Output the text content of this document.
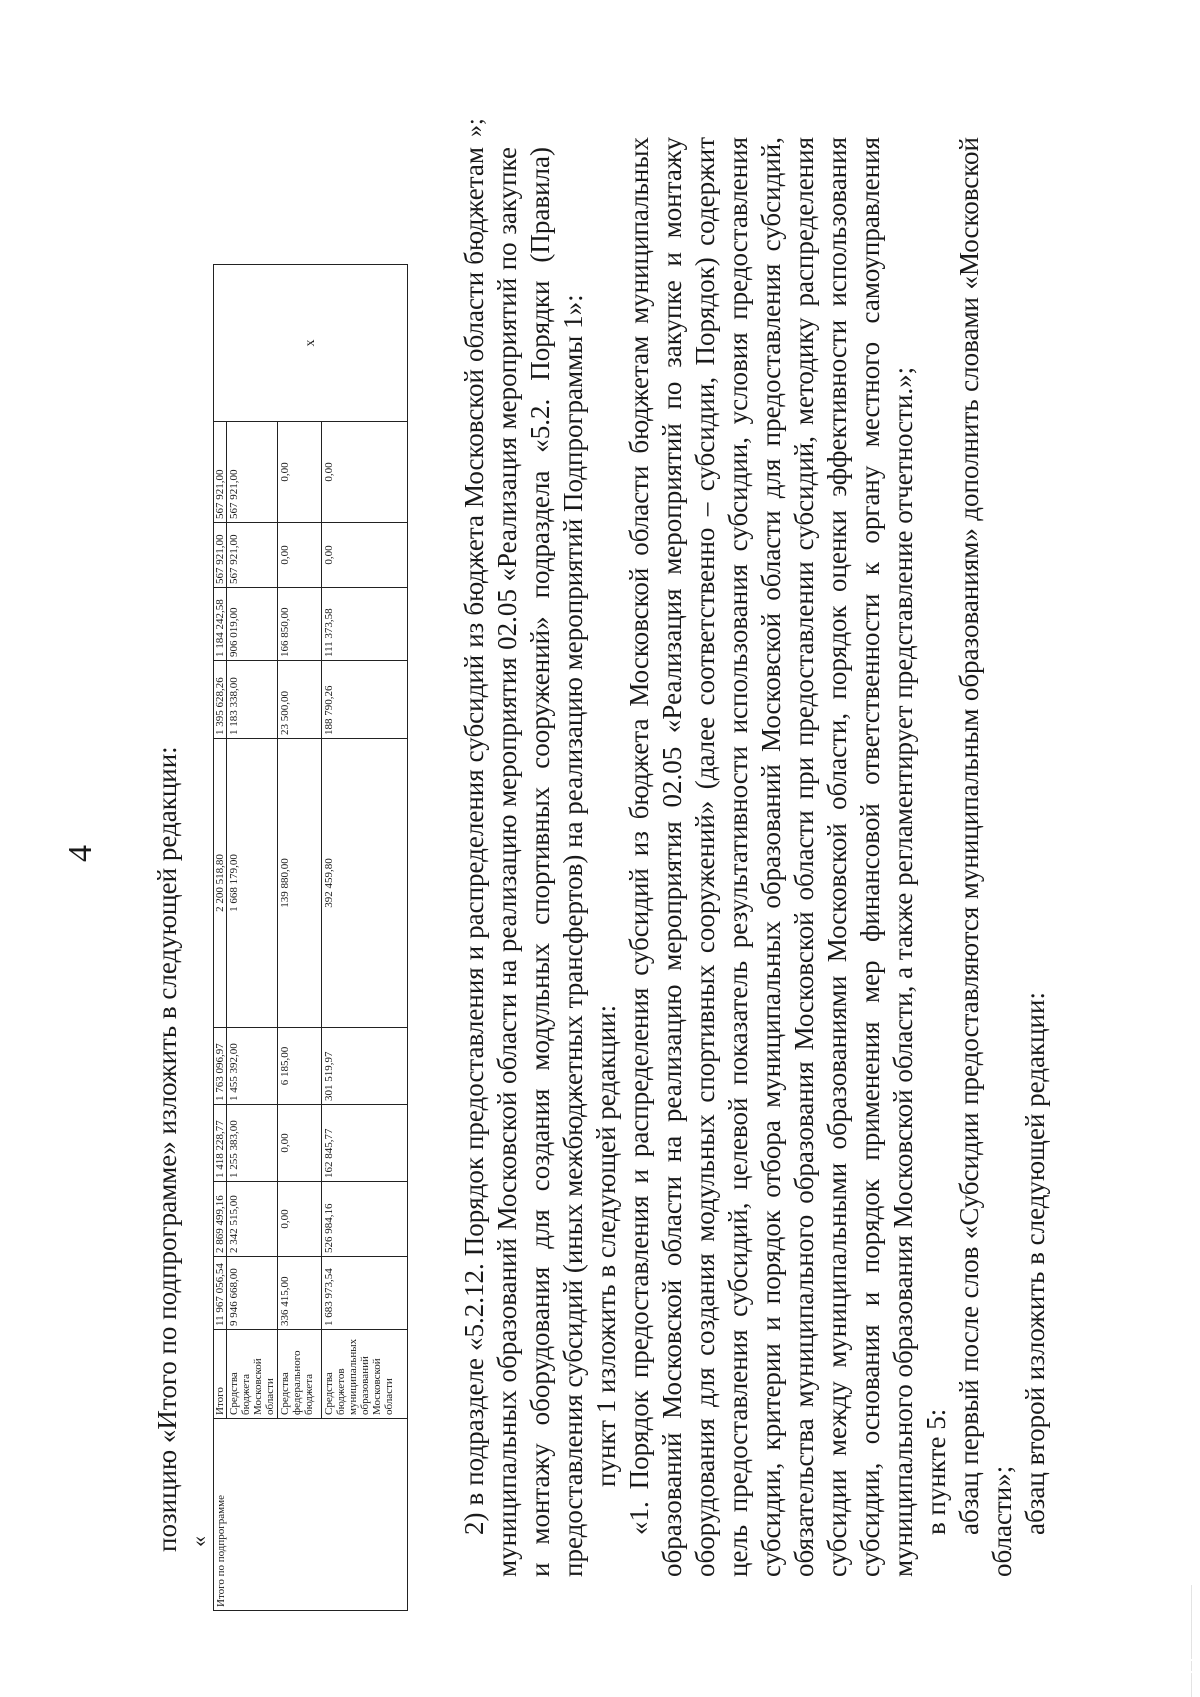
4 позицию «Итого по подпрограмме» изложить в следующей редакции: « Итого по подпрограмме	Итого	11 967 056,54	2 869 499,16	1 418 228,77	1 763 096,97	2 200 518,80	1 395 628,26	1 184 242,58	567 921,00	567 921,00	x
	Средства бюджета Московской области	9 946 668,00	2 342 515,00	1 255 383,00	1 455 392,00	1 668 179,00	1 183 338,00	906 019,00	567 921,00	567 921,00	
	Средства федерального бюджета	336 415,00	0,00	0,00	6 185,00	139 880,00	23 500,00	166 850,00	0,00	0,00	
	Средства бюджетов муниципальных образований Московской области	1 683 973,54	526 984,16	162 845,77	301 519,97	392 459,80	188 790,26	111 373,58	0,00	0,00	
»;

2) в подразделе «5.2.12. Порядок предоставления и распределения субсидий из бюджета Московской области бюджетам муниципальных образований Московской области на реализацию мероприятия 02.05 «Реализация мероприятий по закупке и монтажу оборудования для создания модульных спортивных сооружений» подраздела «5.2. Порядки (Правила) предоставления субсидий (иных межбюджетных трансфертов) на реализацию мероприятий Подпрограммы 1»: пункт 1 изложить в следующей редакции: «1. Порядок предоставления и распределения субсидий из бюджета Московской области бюджетам муниципальных образований Московской области на реализацию мероприятия 02.05 «Реализация мероприятий по закупке и монтажу оборудования для создания модульных спортивных сооружений» (далее соответственно – субсидии, Порядок) содержит цель предоставления субсидий, целевой показатель результативности использования субсидии, условия предоставления субсидии, критерии и порядок отбора муниципальных образований Московской области для предоставления субсидий, обязательства муниципального образования Московской области при предоставлении субсидий, методику распределения субсидии между муниципальными образованиями Московской области, порядок оценки эффективности использования субсидии, основания и порядок применения мер финансовой ответственности к органу местного самоуправления муниципального образования Московской области, а также регламентирует представление отчетности.»; в пункте 5: абзац первый после слов «Субсидии предоставляются муниципальным образованиям» дополнить словами «Московской области»; абзац второй изложить в следующей редакции:

............ ..... .....................................
